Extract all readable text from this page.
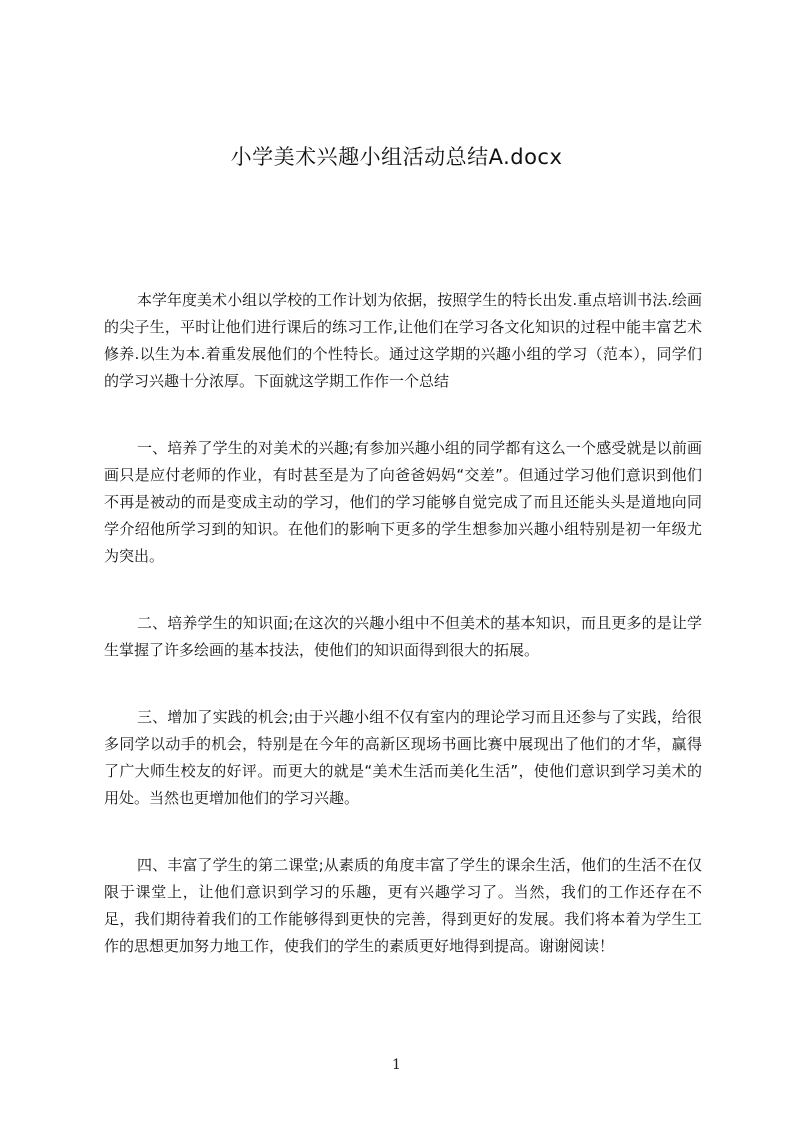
小学美术兴趣小组活动总结A.docx

本学年度美术小组以学校的工作计划为依据，按照学生的特长出发.重点培训书法.绘画的尖子生，平时让他们进行课后的练习工作,让他们在学习各文化知识的过程中能丰富艺术修养.以生为本.着重发展他们的个性特长。通过这学期的兴趣小组的学习（范本），同学们的学习兴趣十分浓厚。下面就这学期工作作一个总结

一、培养了学生的对美术的兴趣;有参加兴趣小组的同学都有这么一个感受就是以前画画只是应付老师的作业，有时甚至是为了向爸爸妈妈“交差”。但通过学习他们意识到他们不再是被动的而是变成主动的学习，他们的学习能够自觉完成了而且还能头头是道地向同学介绍他所学习到的知识。在他们的影响下更多的学生想参加兴趣小组特别是初一年级尤为突出。

二、培养学生的知识面;在这次的兴趣小组中不但美术的基本知识，而且更多的是让学生掌握了许多绘画的基本技法，使他们的知识面得到很大的拓展。

三、增加了实践的机会;由于兴趣小组不仅有室内的理论学习而且还参与了实践，给很多同学以动手的机会，特别是在今年的高新区现场书画比赛中展现出了他们的才华，赢得了广大师生校友的好评。而更大的就是“美术生活而美化生活”，使他们意识到学习美术的用处。当然也更增加他们的学习兴趣。

四、丰富了学生的第二课堂;从素质的角度丰富了学生的课余生活，他们的生活不在仅限于课堂上，让他们意识到学习的乐趣，更有兴趣学习了。当然，我们的工作还存在不足，我们期待着我们的工作能够得到更快的完善，得到更好的发展。我们将本着为学生工作的思想更加努力地工作，使我们的学生的素质更好地得到提高。谢谢阅读！

1
